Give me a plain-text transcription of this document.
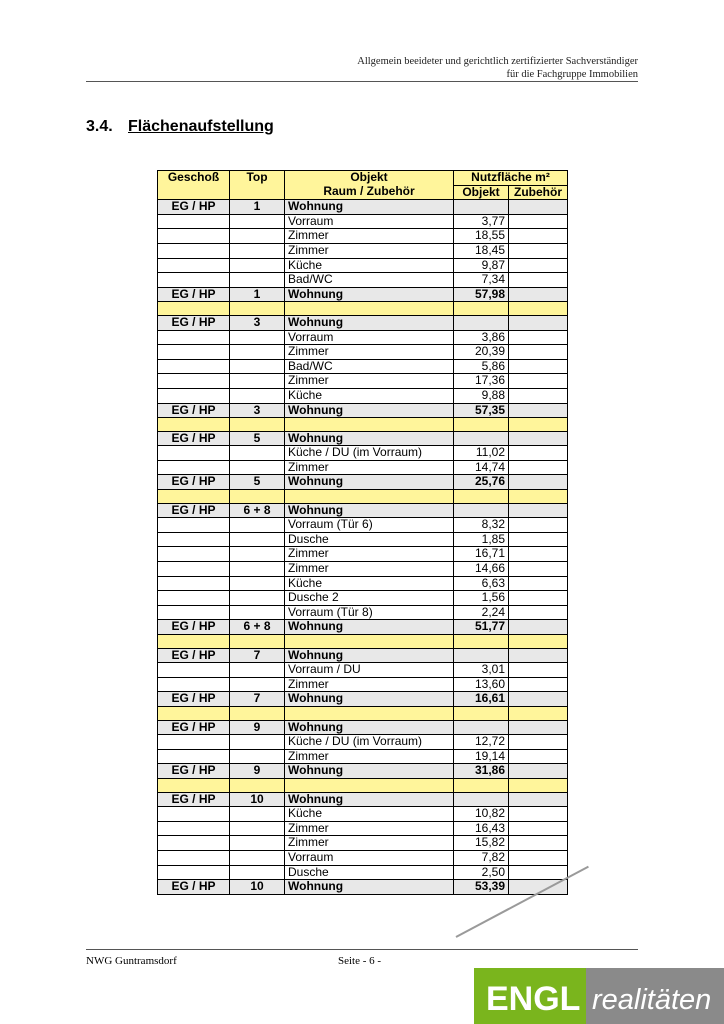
Allgemein beeideter und gerichtlich zertifizierter Sachverständiger
für die Fachgruppe Immobilien
3.4. Flächenaufstellung
Geschoß	Top	Objekt	Nutzfläche m²	
		Raum / Zubehör	Objekt	Zubehör
EG / HP	1	Wohnung		
		Vorraum	3,77	
		Zimmer	18,55	
		Zimmer	18,45	
		Küche	9,87	
		Bad/WC	7,34	
EG / HP	1	Wohnung	57,98	

EG / HP	3	Wohnung		
		Vorraum	3,86	
		Zimmer	20,39	
		Bad/WC	5,86	
		Zimmer	17,36	
		Küche	9,88	
EG / HP	3	Wohnung	57,35	

EG / HP	5	Wohnung		
		Küche / DU (im Vorraum)	11,02	
		Zimmer	14,74	
EG / HP	5	Wohnung	25,76	

EG / HP	6 + 8	Wohnung		
		Vorraum (Tür 6)	8,32	
		Dusche	1,85	
		Zimmer	16,71	
		Zimmer	14,66	
		Küche	6,63	
		Dusche 2	1,56	
		Vorraum (Tür 8)	2,24	
EG / HP	6 + 8	Wohnung	51,77	

EG / HP	7	Wohnung		
		Vorraum / DU	3,01	
		Zimmer	13,60	
EG / HP	7	Wohnung	16,61	

EG / HP	9	Wohnung		
		Küche / DU (im Vorraum)	12,72	
		Zimmer	19,14	
EG / HP	9	Wohnung	31,86	

EG / HP	10	Wohnung		
		Küche	10,82	
		Zimmer	16,43	
		Zimmer	15,82	
		Vorraum	7,82	
		Dusche	2,50	
EG / HP	10	Wohnung	53,39	
NWG Guntramsdorf	Seite - 6 -
ENGL realitäten
